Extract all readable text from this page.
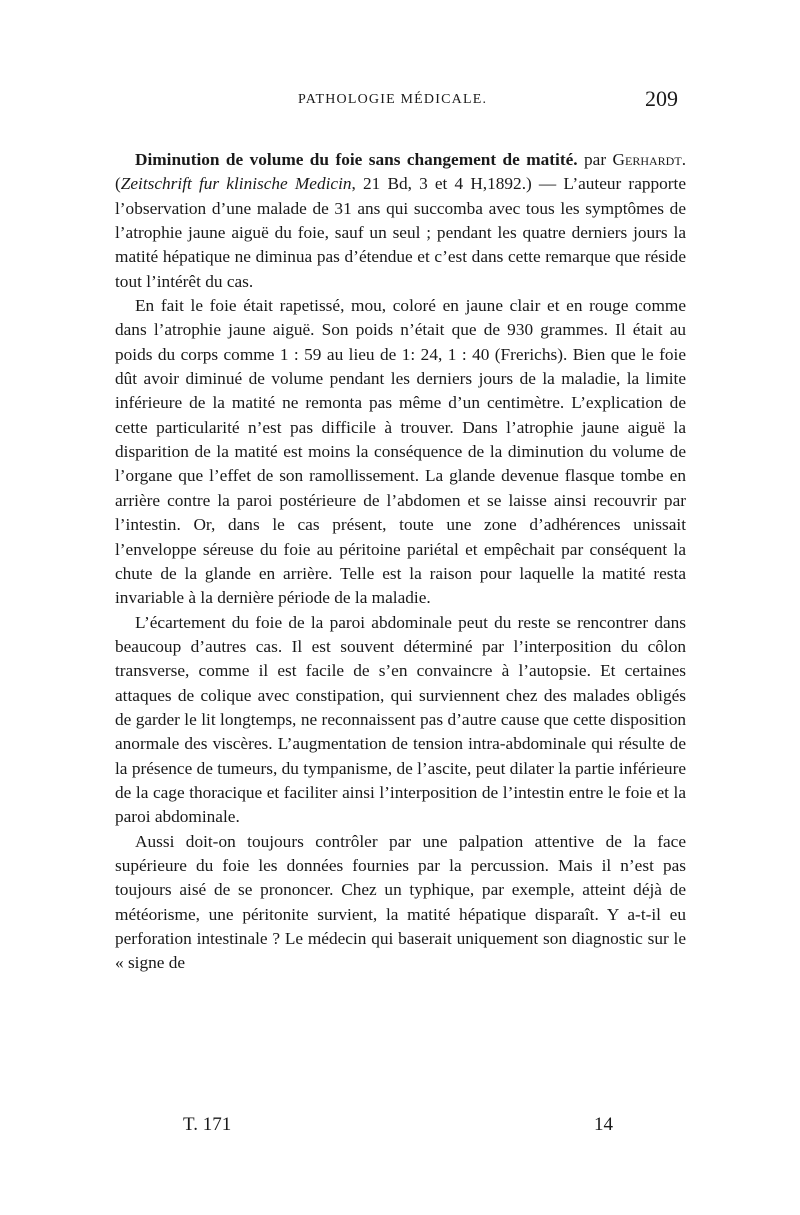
PATHOLOGIE MÉDICALE.	209

Diminution de volume du foie sans changement de matité. par Gerhardt. (Zeitschrift fur klinische Medicin, 21 Bd, 3 et 4 H,1892.) — L’auteur rapporte l’observation d’une malade de 31 ans qui succomba avec tous les symptômes de l’atrophie jaune aiguë du foie, sauf un seul ; pendant les quatre derniers jours la matité hépatique ne diminua pas d’étendue et c’est dans cette remarque que réside tout l’intérêt du cas.

En fait le foie était rapetissé, mou, coloré en jaune clair et en rouge comme dans l’atrophie jaune aiguë. Son poids n’était que de 930 grammes. Il était au poids du corps comme 1 : 59 au lieu de 1: 24, 1 : 40 (Frerichs). Bien que le foie dût avoir diminué de volume pendant les derniers jours de la maladie, la limite inférieure de la matité ne remonta pas même d’un centimètre. L’explication de cette particularité n’est pas difficile à trouver. Dans l’atrophie jaune aiguë la disparition de la matité est moins la conséquence de la diminution du volume de l’organe que l’effet de son ramollissement. La glande devenue flasque tombe en arrière contre la paroi postérieure de l’abdomen et se laisse ainsi recouvrir par l’intestin. Or, dans le cas présent, toute une zone d’adhérences unissait l’enveloppe séreuse du foie au péritoine pariétal et empêchait par conséquent la chute de la glande en arrière. Telle est la raison pour laquelle la matité resta invariable à la dernière période de la maladie.

L’écartement du foie de la paroi abdominale peut du reste se rencontrer dans beaucoup d’autres cas. Il est souvent déterminé par l’interposition du côlon transverse, comme il est facile de s’en convaincre à l’autopsie. Et certaines attaques de colique avec constipation, qui surviennent chez des malades obligés de garder le lit longtemps, ne reconnaissent pas d’autre cause que cette disposition anormale des viscères. L’augmentation de tension intra-abdominale qui résulte de la présence de tumeurs, du tympanisme, de l’ascite, peut dilater la partie inférieure de la cage thoracique et faciliter ainsi l’interposition de l’intestin entre le foie et la paroi abdominale.

Aussi doit-on toujours contrôler par une palpation attentive de la face supérieure du foie les données fournies par la percussion. Mais il n’est pas toujours aisé de se prononcer. Chez un typhique, par exemple, atteint déjà de météorisme, une péritonite survient, la matité hépatique disparaît. Y a-t-il eu perforation intestinale ? Le médecin qui baserait uniquement son diagnostic sur le « signe de

T. 171	14
